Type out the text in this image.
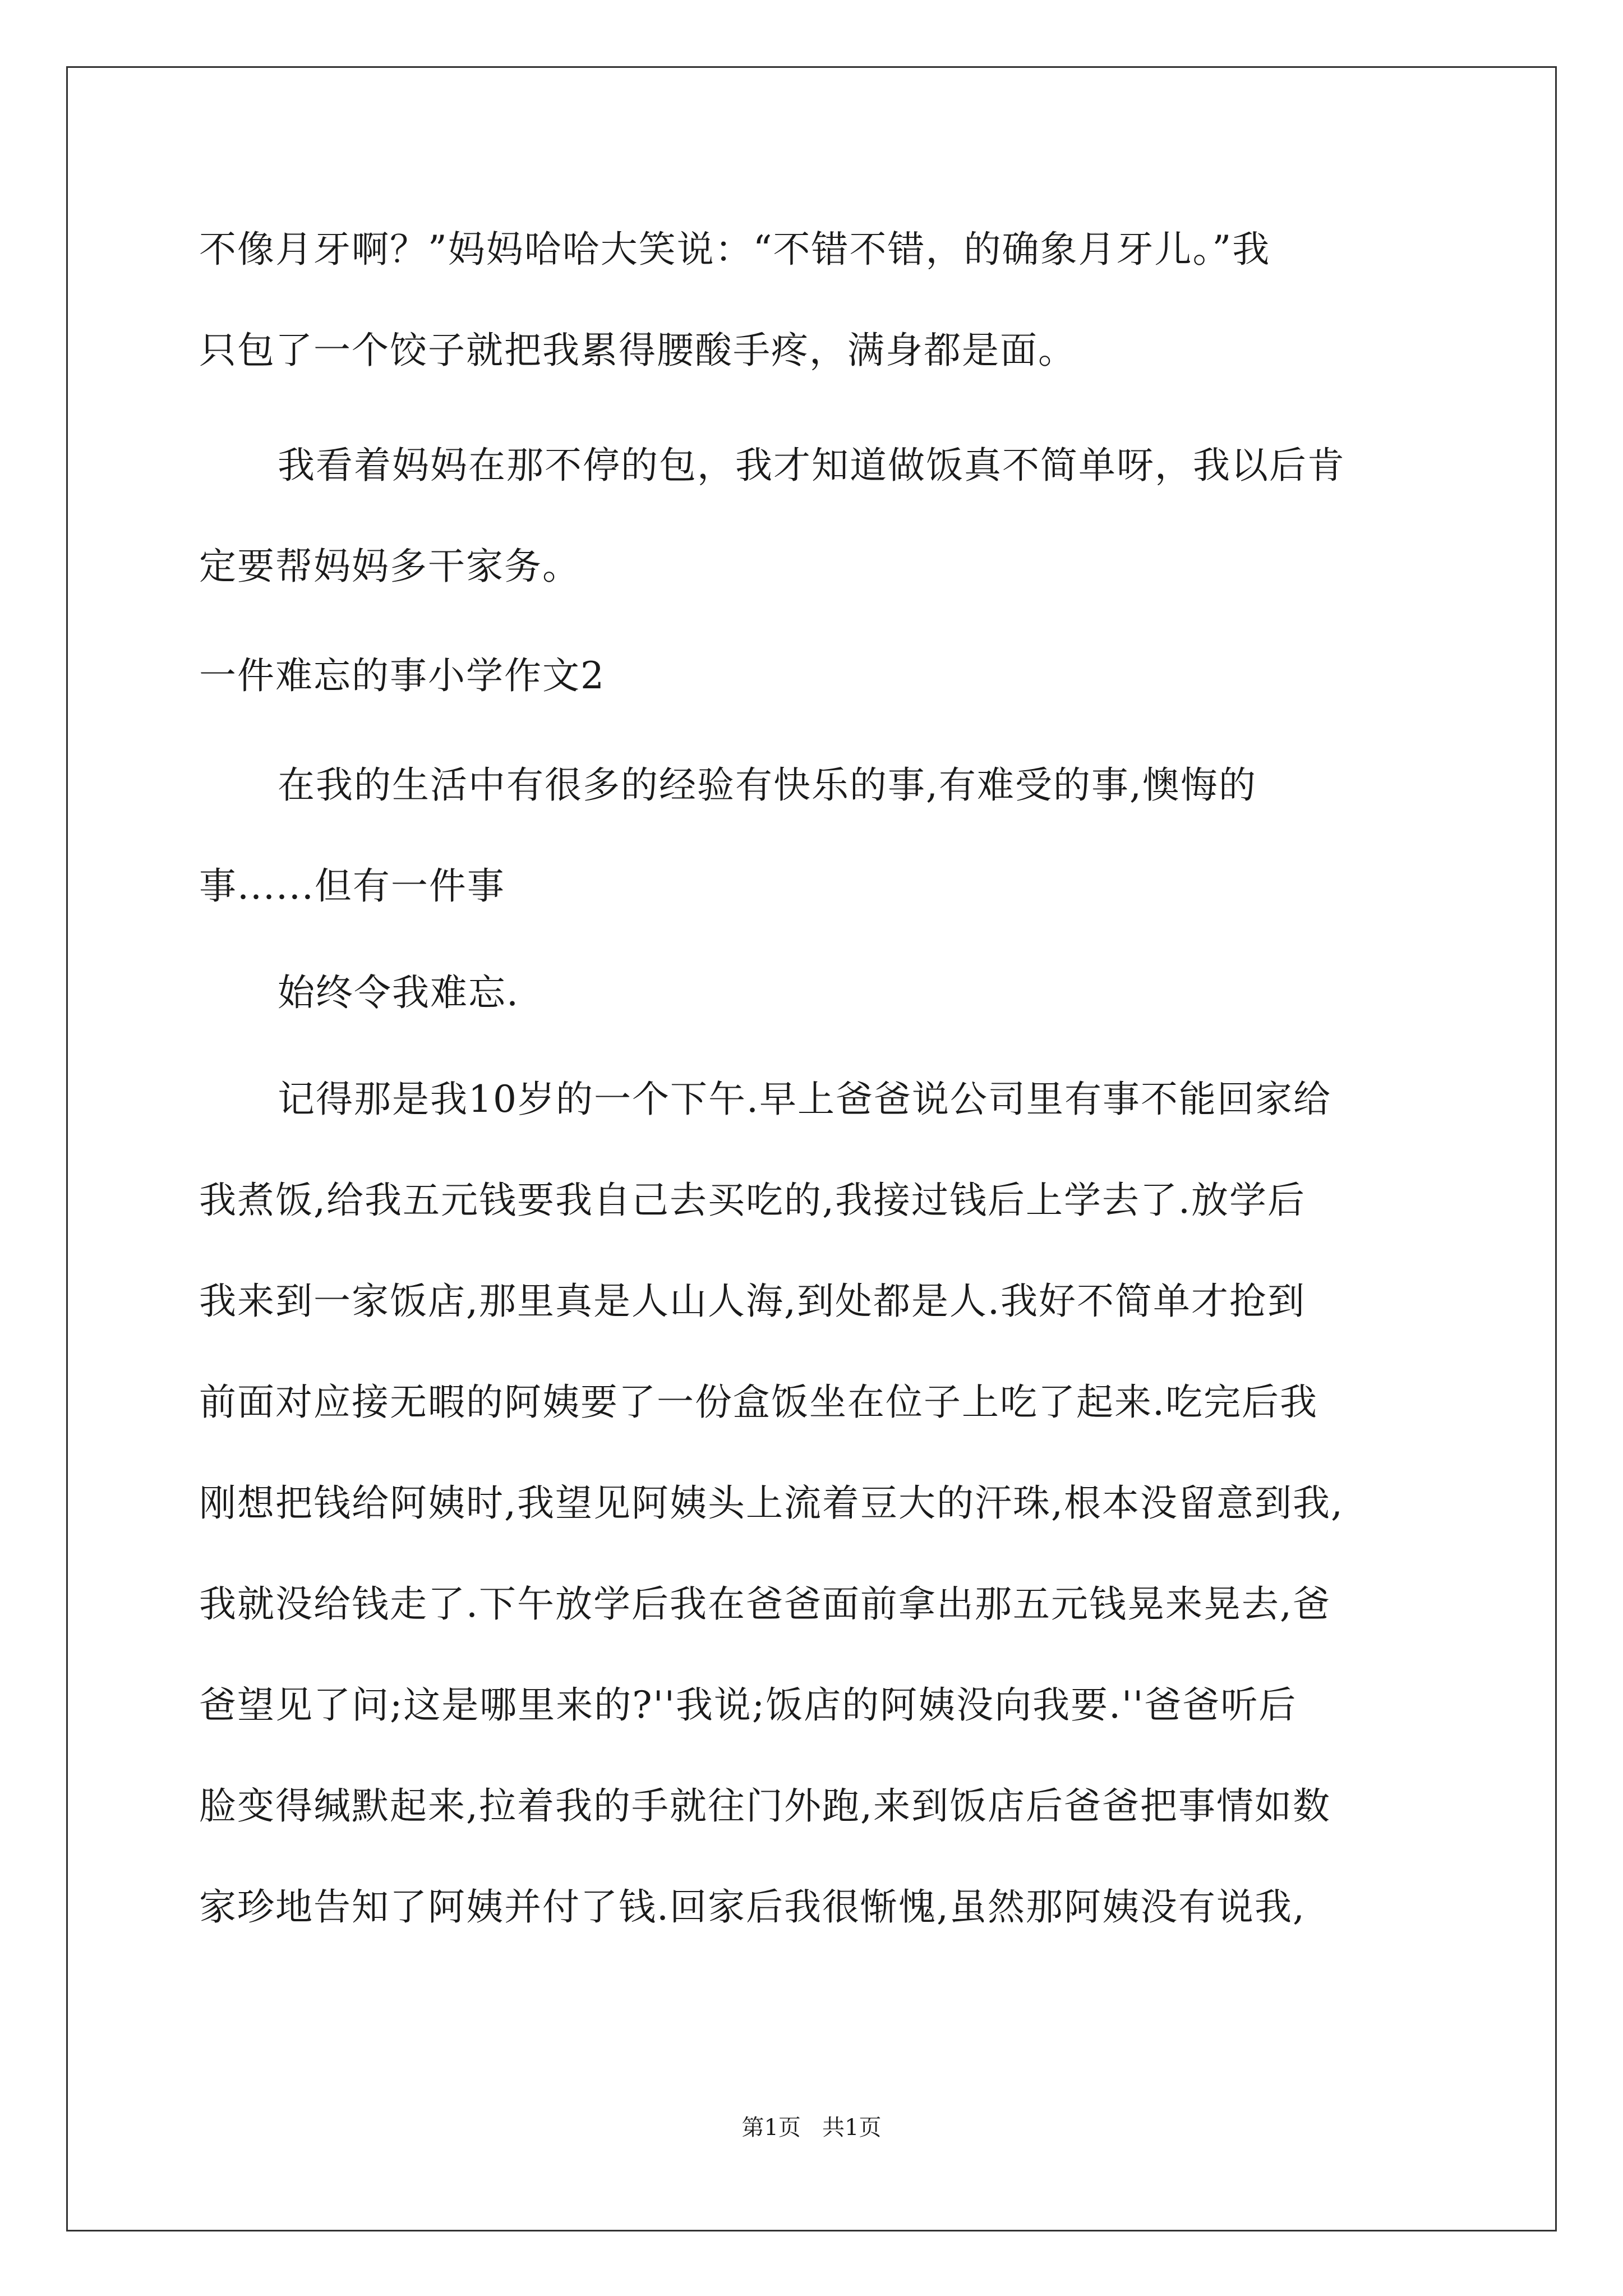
不像月牙啊？”妈妈哈哈大笑说：“不错不错，的确象月牙儿。”我
只包了一个饺子就把我累得腰酸手疼，满身都是面。
我看着妈妈在那不停的包，我才知道做饭真不简单呀，我以后肯
定要帮妈妈多干家务。
一件难忘的事小学作文2
在我的生活中有很多的经验有快乐的事,有难受的事,懊悔的
事......但有一件事
始终令我难忘.
记得那是我10岁的一个下午.早上爸爸说公司里有事不能回家给
我煮饭,给我五元钱要我自己去买吃的,我接过钱后上学去了.放学后
我来到一家饭店,那里真是人山人海,到处都是人.我好不简单才抢到
前面对应接无暇的阿姨要了一份盒饭坐在位子上吃了起来.吃完后我
刚想把钱给阿姨时,我望见阿姨头上流着豆大的汗珠,根本没留意到我,
我就没给钱走了.下午放学后我在爸爸面前拿出那五元钱晃来晃去,爸
爸望见了问;这是哪里来的?''我说;饭店的阿姨没向我要.''爸爸听后
脸变得缄默起来,拉着我的手就往门外跑,来到饭店后爸爸把事情如数
家珍地告知了阿姨并付了钱.回家后我很惭愧,虽然那阿姨没有说我,
第1页   共1页
